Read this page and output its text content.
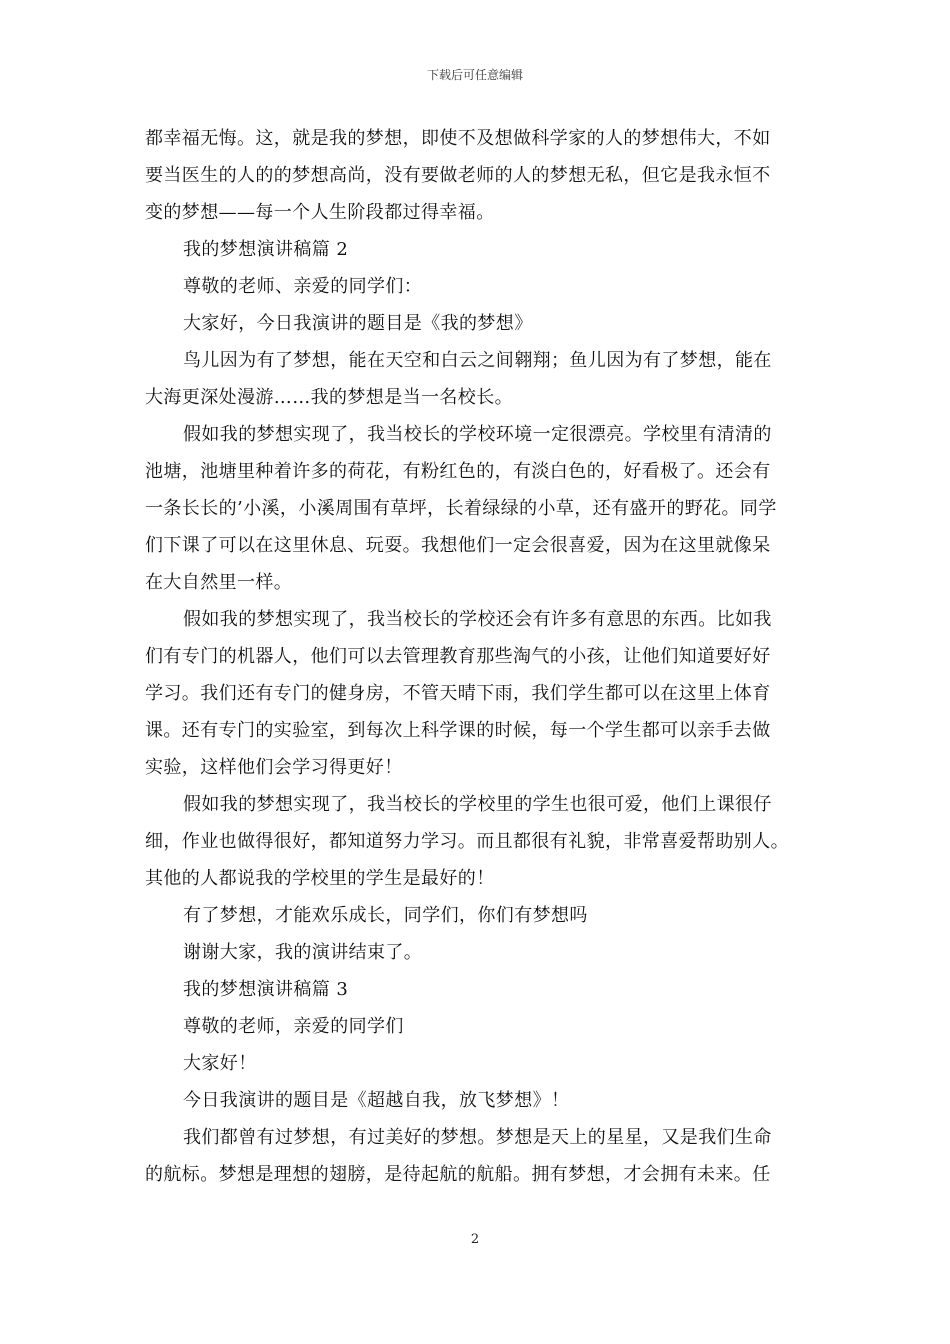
下载后可任意编辑

都幸福无悔。这，就是我的梦想，即使不及想做科学家的人的梦想伟大，不如

要当医生的人的的梦想高尚，没有要做老师的人的梦想无私，但它是我永恒不

变的梦想——每一个人生阶段都过得幸福。

我的梦想演讲稿篇 2

尊敬的老师、亲爱的同学们：

大家好，今日我演讲的题目是《我的梦想》

鸟儿因为有了梦想，能在天空和白云之间翱翔；鱼儿因为有了梦想，能在

大海更深处漫游……我的梦想是当一名校长。

假如我的梦想实现了，我当校长的学校环境一定很漂亮。学校里有清清的

池塘，池塘里种着许多的荷花，有粉红色的，有淡白色的，好看极了。还会有

一条长长的’小溪，小溪周围有草坪，长着绿绿的小草，还有盛开的野花。同学

们下课了可以在这里休息、玩耍。我想他们一定会很喜爱，因为在这里就像呆

在大自然里一样。

假如我的梦想实现了，我当校长的学校还会有许多有意思的东西。比如我

们有专门的机器人，他们可以去管理教育那些淘气的小孩，让他们知道要好好

学习。我们还有专门的健身房，不管天晴下雨，我们学生都可以在这里上体育

课。还有专门的实验室，到每次上科学课的时候，每一个学生都可以亲手去做

实验，这样他们会学习得更好！

假如我的梦想实现了，我当校长的学校里的学生也很可爱，他们上课很仔

细，作业也做得很好，都知道努力学习。而且都很有礼貌，非常喜爱帮助别人。

其他的人都说我的学校里的学生是最好的！

有了梦想，才能欢乐成长，同学们，你们有梦想吗

谢谢大家，我的演讲结束了。

我的梦想演讲稿篇 3

尊敬的老师，亲爱的同学们

大家好！

今日我演讲的题目是《超越自我，放飞梦想》！

我们都曾有过梦想，有过美好的梦想。梦想是天上的星星，又是我们生命

的航标。梦想是理想的翅膀，是待起航的航船。拥有梦想，才会拥有未来。任

2
